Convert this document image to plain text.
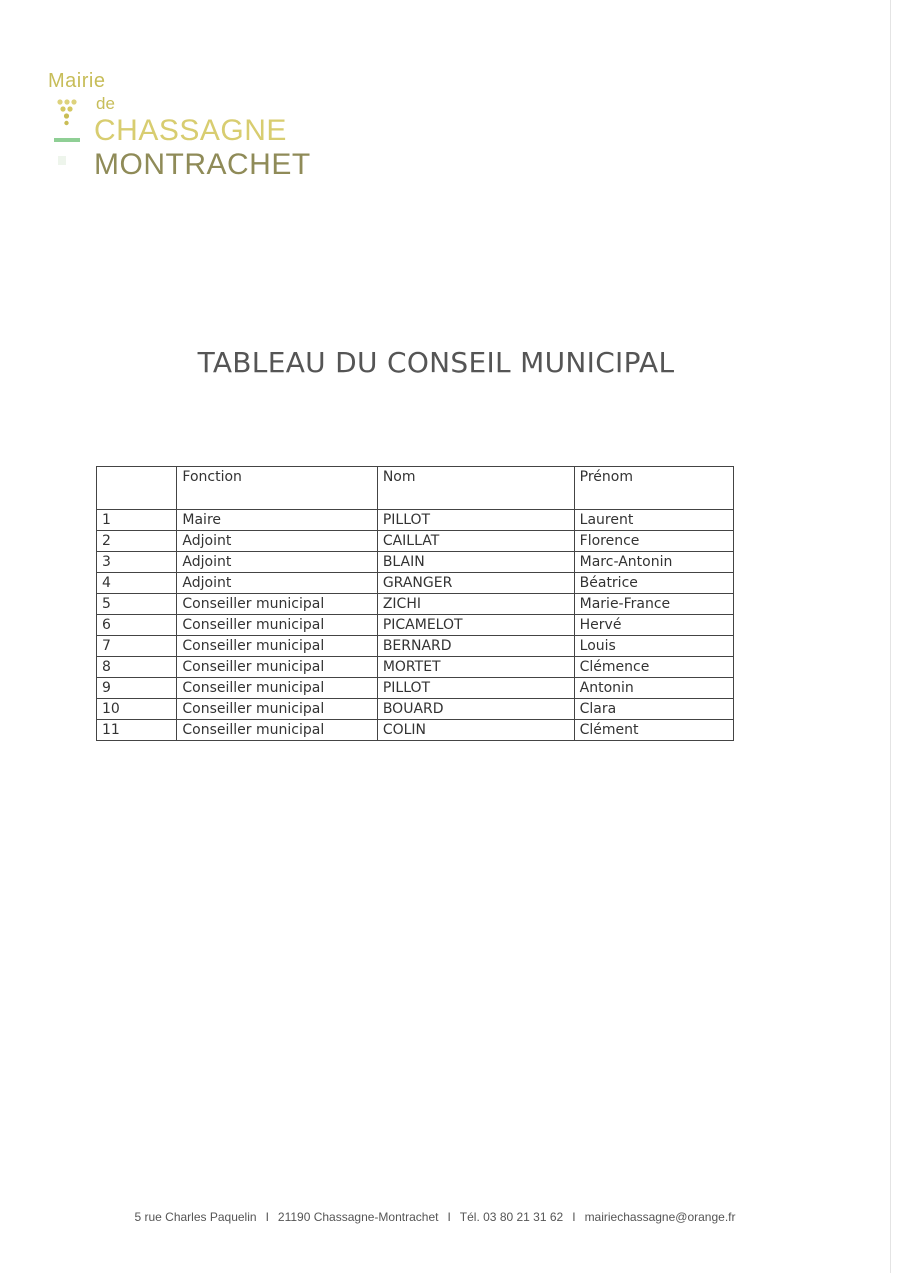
Mairie
de
CHASSAGNE
MONTRACHET
TABLEAU DU CONSEIL MUNICIPAL
	Fonction	Nom	Prénom
1	Maire	PILLOT	Laurent
2	Adjoint	CAILLAT	Florence
3	Adjoint	BLAIN	Marc-Antonin
4	Adjoint	GRANGER	Béatrice
5	Conseiller municipal	ZICHI	Marie-France
6	Conseiller municipal	PICAMELOT	Hervé
7	Conseiller municipal	BERNARD	Louis
8	Conseiller municipal	MORTET	Clémence
9	Conseiller municipal	PILLOT	Antonin
10	Conseiller municipal	BOUARD	Clara
11	Conseiller municipal	COLIN	Clément
5 rue Charles Paquelin I 21190 Chassagne-Montrachet I Tél. 03 80 21 31 62 I mairiechassagne@orange.fr
